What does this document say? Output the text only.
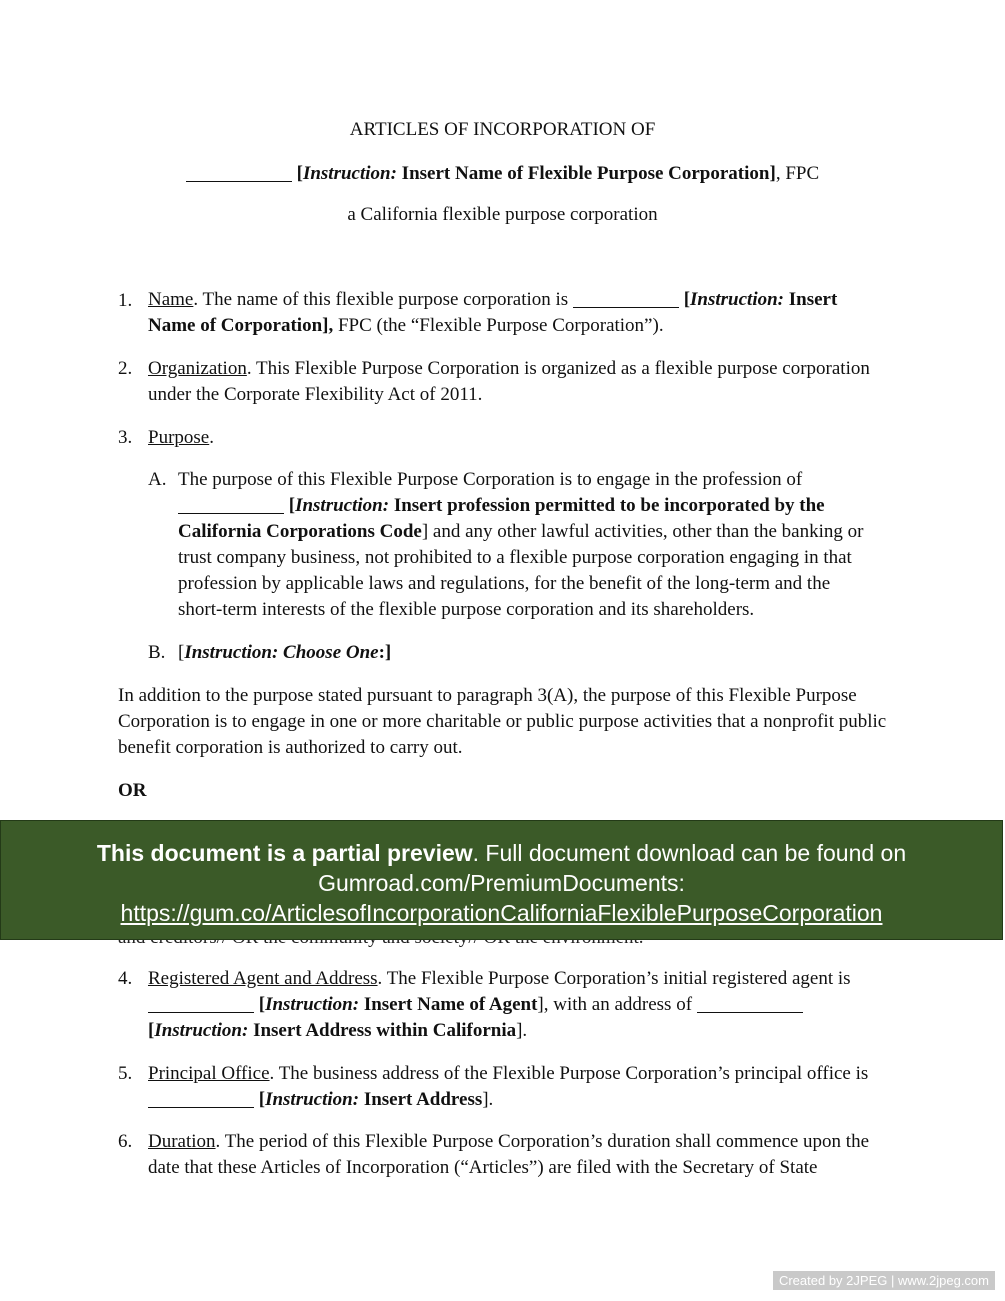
ARTICLES OF INCORPORATION OF
[Instruction: Insert Name of Flexible Purpose Corporation], FPC
a California flexible purpose corporation
1. Name. The name of this flexible purpose corporation is	[Instruction: Insert Name of Corporation], FPC (the “Flexible Purpose Corporation”).
2. Organization. This Flexible Purpose Corporation is organized as a flexible purpose corporation under the Corporate Flexibility Act of 2011.
3. Purpose.
A. The purpose of this Flexible Purpose Corporation is to engage in the profession of  [Instruction: Insert profession permitted to be incorporated by the California Corporations Code] and any other lawful activities, other than the banking or trust company business, not prohibited to a flexible purpose corporation engaging in that profession by applicable laws and regulations, for the benefit of the long-term and the short-term interests of the flexible purpose corporation and its shareholders.
B. [Instruction: Choose One:]
In addition to the purpose stated pursuant to paragraph 3(A), the purpose of this Flexible Purpose Corporation is to engage in one or more charitable or public purpose activities that a nonprofit public benefit corporation is authorized to carry out.
OR
This document is a partial preview. Full document download can be found on Gumroad.com/PremiumDocuments:
https://gum.co/ArticlesofIncorporationCaliforniaFlexiblePurposeCorporation
4. Registered Agent and Address. The Flexible Purpose Corporation’s initial registered agent is  [Instruction: Insert Name of Agent], with an address of  [Instruction: Insert Address within California].
5. Principal Office. The business address of the Flexible Purpose Corporation’s principal office is  [Instruction: Insert Address].
6. Duration. The period of this Flexible Purpose Corporation’s duration shall commence upon the date that these Articles of Incorporation (“Articles”) are filed with the Secretary of State
Created by 2JPEG | www.2jpeg.com
